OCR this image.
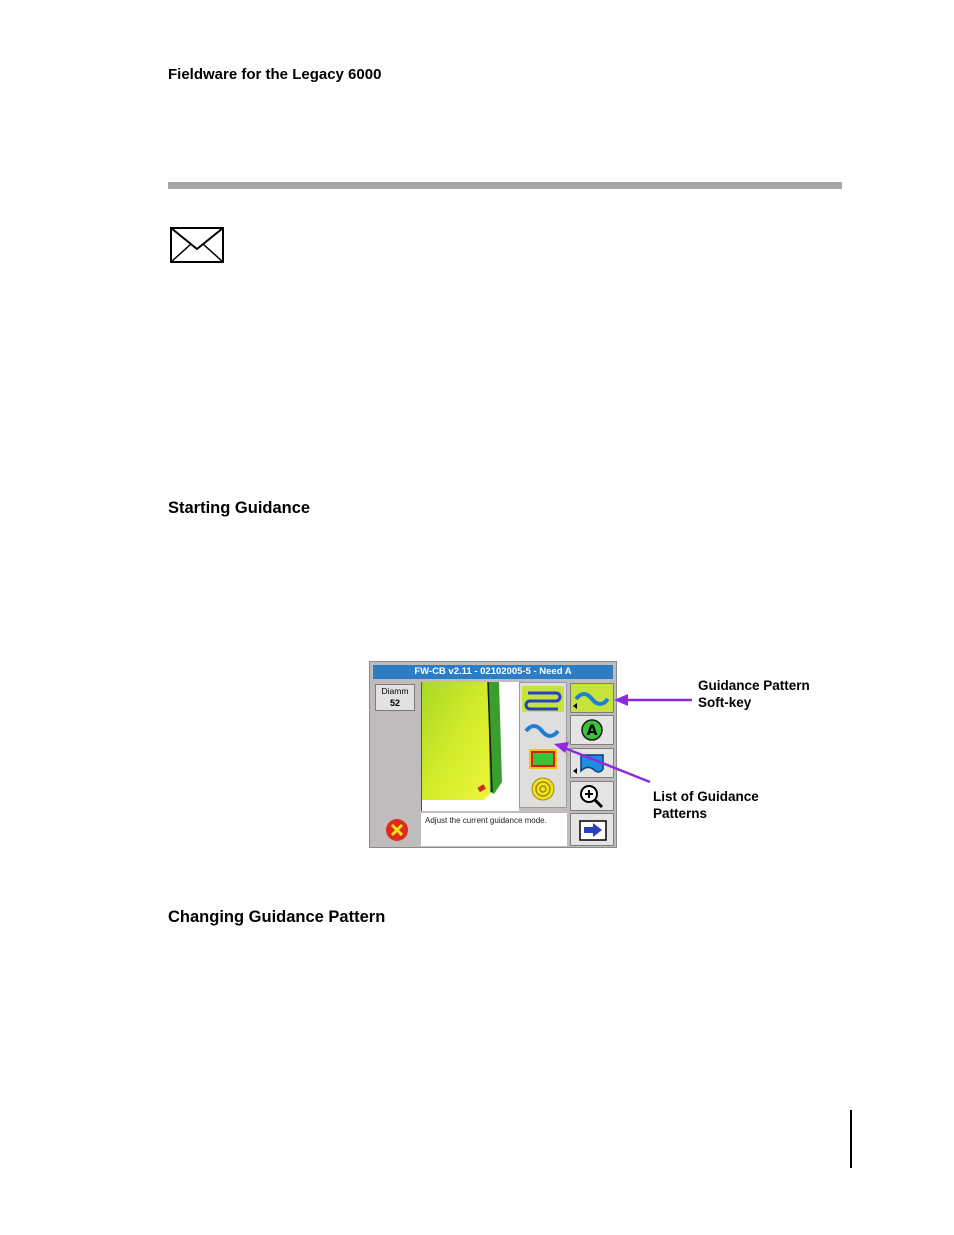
Fieldware for the Legacy 6000
Starting Guidance
FW-CB v2.11 - 02102005-5 - Need A
Diamm
52
A
Adjust the current guidance mode.
Guidance Pattern
Soft-key
List of Guidance
Patterns
Changing Guidance Pattern
